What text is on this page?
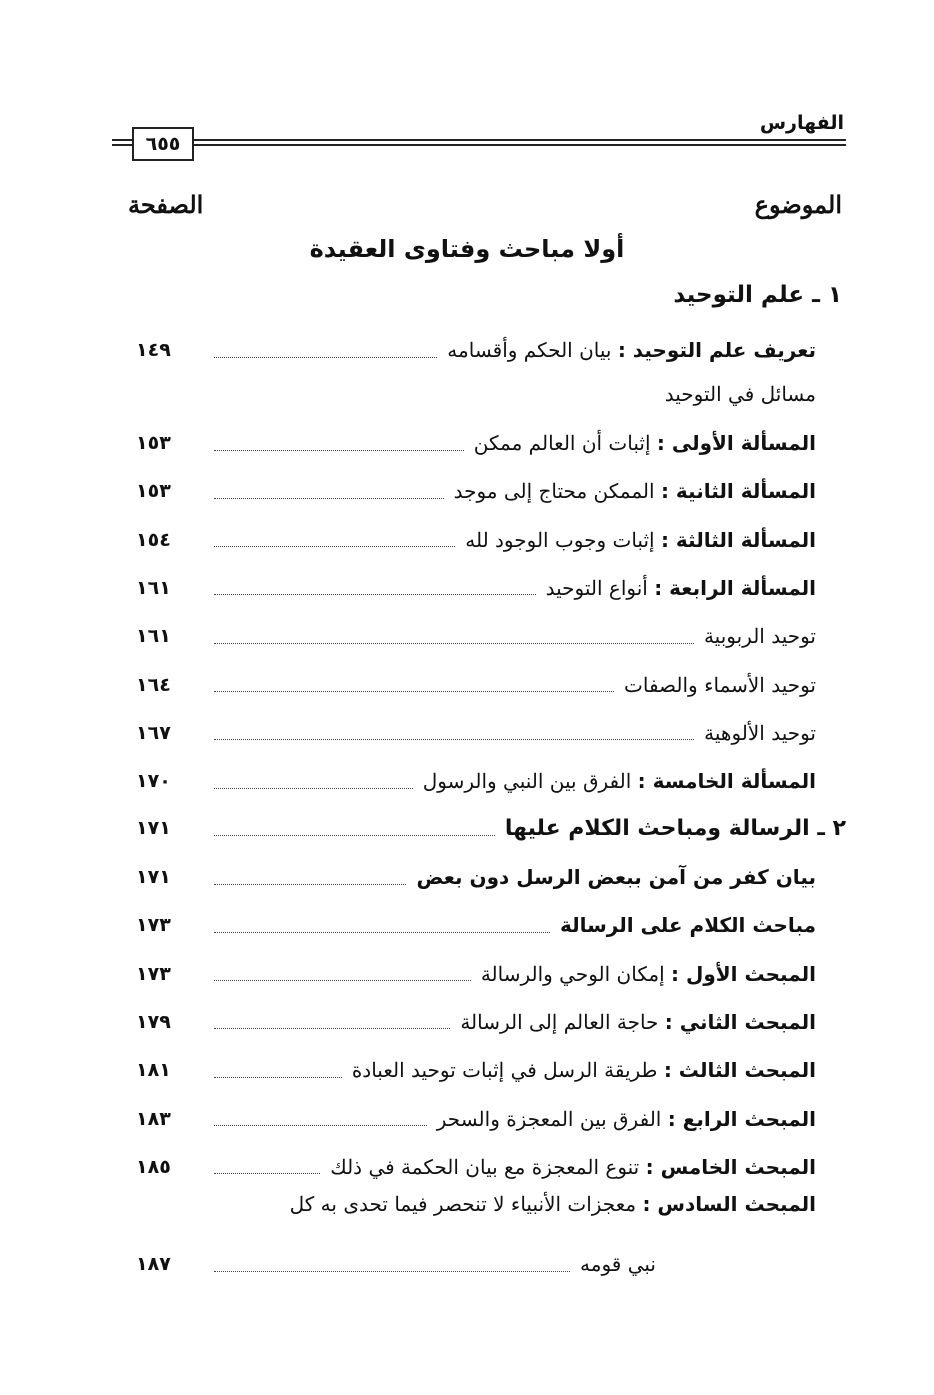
الفهارس
٦٥٥
الموضوع
الصفحة
أولا مباحث وفتاوى العقيدة
١ ـ علم التوحيد
١٤٩	تعريف علم التوحيد : بيان الحكم وأقسامه
مسائل في التوحيد
١٥٣	المسألة الأولى : إثبات أن العالم ممكن
١٥٣	المسألة الثانية : الممكن محتاج إلى موجد
١٥٤	المسألة الثالثة : إثبات وجوب الوجود لله
١٦١	المسألة الرابعة : أنواع التوحيد
١٦١	توحيد الربوبية
١٦٤	توحيد الأسماء والصفات
١٦٧	توحيد الألوهية
١٧٠	المسألة الخامسة : الفرق بين النبي والرسول
١٧١	٢ ـ الرسالة ومباحث الكلام عليها
١٧١	بيان كفر من آمن ببعض الرسل دون بعض
١٧٣	مباحث الكلام على الرسالة
١٧٣	المبحث الأول : إمكان الوحي والرسالة
١٧٩	المبحث الثاني : حاجة العالم إلى الرسالة
١٨١	المبحث الثالث : طريقة الرسل في إثبات توحيد العبادة
١٨٣	المبحث الرابع : الفرق بين المعجزة والسحر
١٨٥	المبحث الخامس : تنوع المعجزة مع بيان الحكمة في ذلك
المبحث السادس : معجزات الأنبياء لا تنحصر فيما تحدى به كل
١٨٧	نبي قومه
